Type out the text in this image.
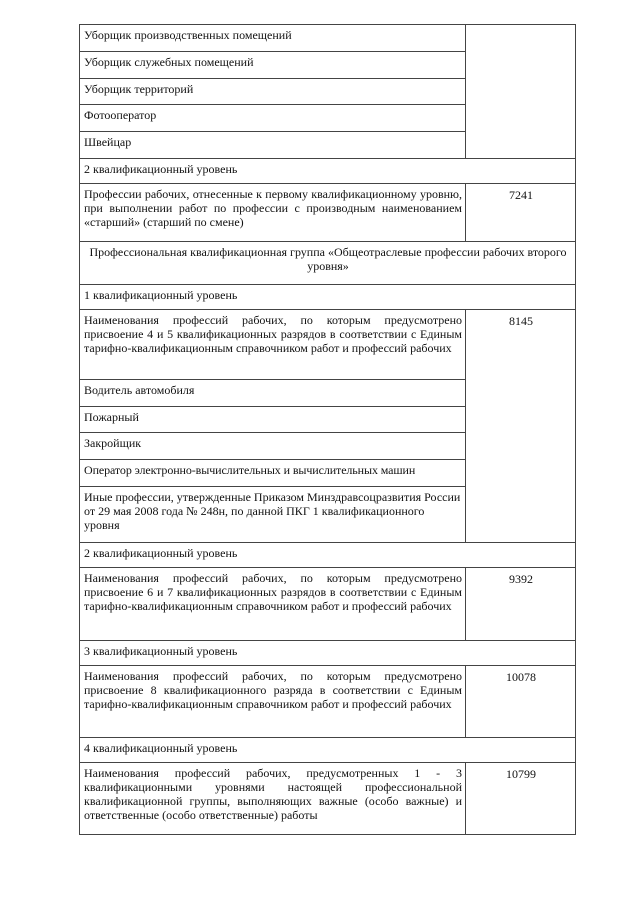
Уборщик производственных помещений	
Уборщик служебных помещений	
Уборщик территорий	
Фотооператор	
Швейцар	
2 квалификационный уровень	
Профессии рабочих, отнесенные к первому квалификационному уровню, при выполнении работ по профессии с производным наименованием «старший» (старший по смене)	7241
Профессиональная квалификационная группа «Общеотраслевые профессии рабочих второго уровня»	
1 квалификационный уровень	
Наименования профессий рабочих, по которым предусмотрено присвоение 4 и 5 квалификационных разрядов в соответствии с Единым тарифно-квалификационным справочником работ и профессий рабочих	8145
Водитель автомобиля	
Пожарный	
Закройщик	
Оператор электронно-вычислительных и вычислительных машин	
Иные профессии, утвержденные Приказом Минздравсоцразвития России от 29 мая 2008 года № 248н, по данной ПКГ 1 квалификационного уровня	
2 квалификационный уровень	
Наименования профессий рабочих, по которым предусмотрено присвоение 6 и 7 квалификационных разрядов в соответствии с Единым тарифно-квалификационным справочником работ и профессий рабочих	9392
3 квалификационный уровень	
Наименования профессий рабочих, по которым предусмотрено присвоение 8 квалификационного разряда в соответствии с Единым тарифно-квалификационным справочником работ и профессий рабочих	10078
4 квалификационный уровень	
Наименования профессий рабочих, предусмотренных 1 - 3 квалификационными уровнями настоящей профессиональной квалификационной группы, выполняющих важные (особо важные) и ответственные (особо ответственные) работы	10799
